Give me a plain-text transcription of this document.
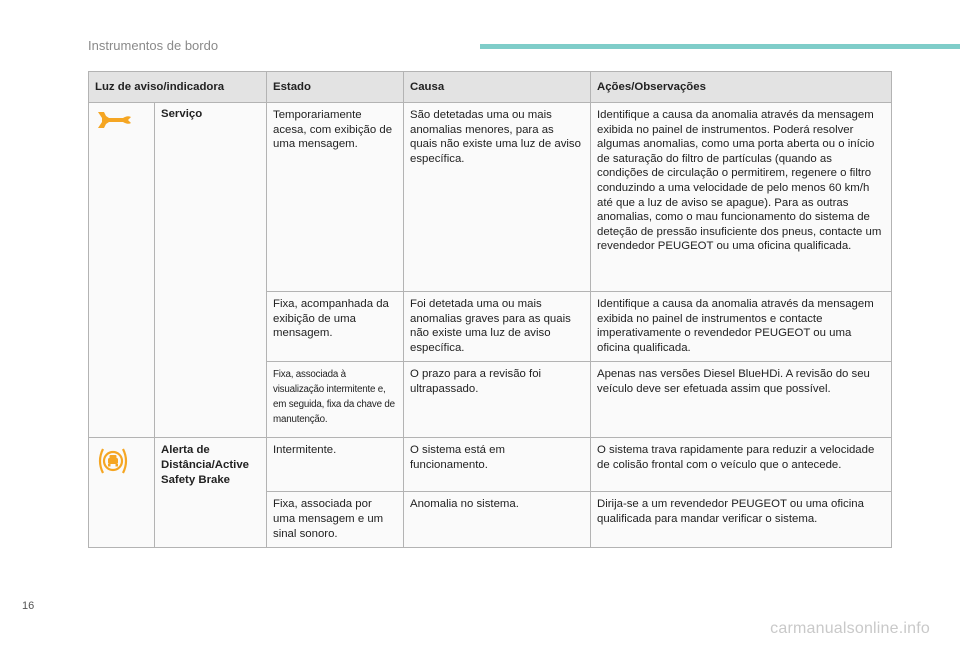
Instrumentos de bordo
Luz de aviso/indicadora		Estado	Causa	Ações/Observações
	Serviço	Temporariamente acesa, com exibição de uma mensagem.	São detetadas uma ou mais anomalias menores, para as quais não existe uma luz de aviso específica.	Identifique a causa da anomalia através da mensagem exibida no painel de instrumentos. Poderá resolver algumas anomalias, como uma porta aberta ou o início de saturação do filtro de partículas (quando as condições de circulação o permitirem, regenere o filtro conduzindo a uma velocidade de pelo menos 60 km/h até que a luz de aviso se apague). Para as outras anomalias, como o mau funcionamento do sistema de deteção de pressão insuficiente dos pneus, contacte um revendedor PEUGEOT ou uma oficina qualificada.
		Fixa, acompanhada da exibição de uma mensagem.	Foi detetada uma ou mais anomalias graves para as quais não existe uma luz de aviso específica.	Identifique a causa da anomalia através da mensagem exibida no painel de instrumentos e contacte imperativamente o revendedor PEUGEOT ou uma oficina qualificada.
		Fixa, associada à visualização intermitente e, em seguida, fixa da chave de manutenção.	O prazo para a revisão foi ultrapassado.	Apenas nas versões Diesel BlueHDi. A revisão do seu veículo deve ser efetuada assim que possível.
	Alerta de Distância/Active Safety Brake	Intermitente.	O sistema está em funcionamento.	O sistema trava rapidamente para reduzir a velocidade de colisão frontal com o veículo que o antecede.
		Fixa, associada por uma mensagem e um sinal sonoro.	Anomalia no sistema.	Dirija-se a um revendedor PEUGEOT ou uma oficina qualificada para mandar verificar o sistema.
16
carmanualsonline.info
